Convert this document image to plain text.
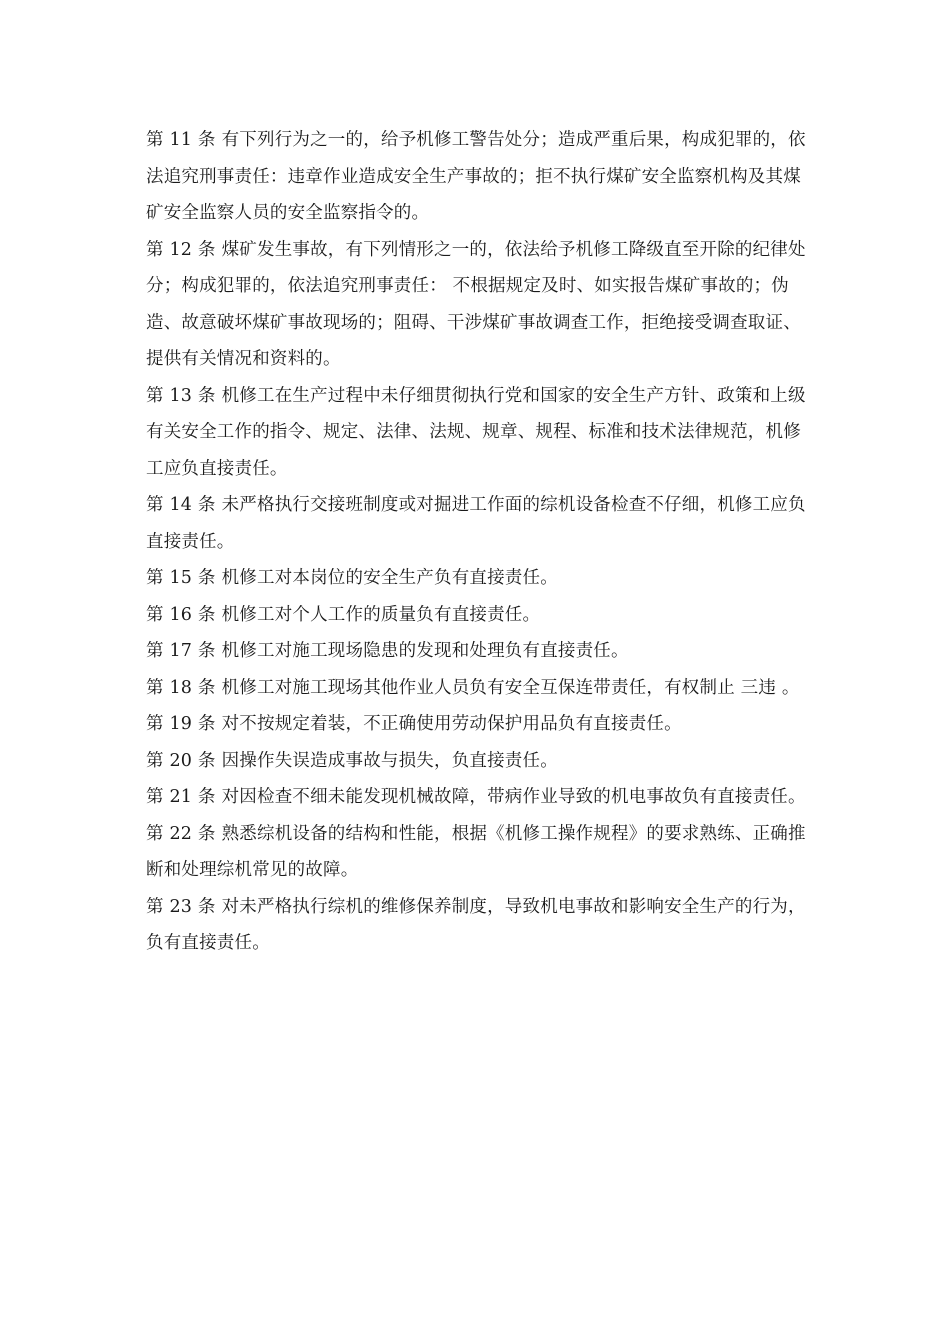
第 11 条 有下列行为之一的，给予机修工警告处分；造成严重后果，构成犯罪的，依法追究刑事责任：违章作业造成安全生产事故的；拒不执行煤矿安全监察机构及其煤矿安全监察人员的安全监察指令的。

第 12 条 煤矿发生事故，有下列情形之一的，依法给予机修工降级直至开除的纪律处分；构成犯罪的，依法追究刑事责任： 不根据规定及时、如实报告煤矿事故的；伪造、故意破坏煤矿事故现场的；阻碍、干涉煤矿事故调查工作，拒绝接受调查取证、提供有关情况和资料的。

第 13 条 机修工在生产过程中未仔细贯彻执行党和国家的安全生产方针、政策和上级有关安全工作的指令、规定、法律、法规、规章、规程、标准和技术法律规范，机修工应负直接责任。

第 14 条 未严格执行交接班制度或对掘进工作面的综机设备检查不仔细，机修工应负直接责任。

第 15 条 机修工对本岗位的安全生产负有直接责任。

第 16 条 机修工对个人工作的质量负有直接责任。

第 17 条 机修工对施工现场隐患的发现和处理负有直接责任。

第 18 条 机修工对施工现场其他作业人员负有安全互保连带责任，有权制止 三违 。

第 19 条 对不按规定着装，不正确使用劳动保护用品负有直接责任。

第 20 条 因操作失误造成事故与损失，负直接责任。

第 21 条 对因检查不细未能发现机械故障，带病作业导致的机电事故负有直接责任。

第 22 条 熟悉综机设备的结构和性能，根据《机修工操作规程》的要求熟练、正确推断和处理综机常见的故障。

第 23 条 对未严格执行综机的维修保养制度，导致机电事故和影响安全生产的行为，负有直接责任。
